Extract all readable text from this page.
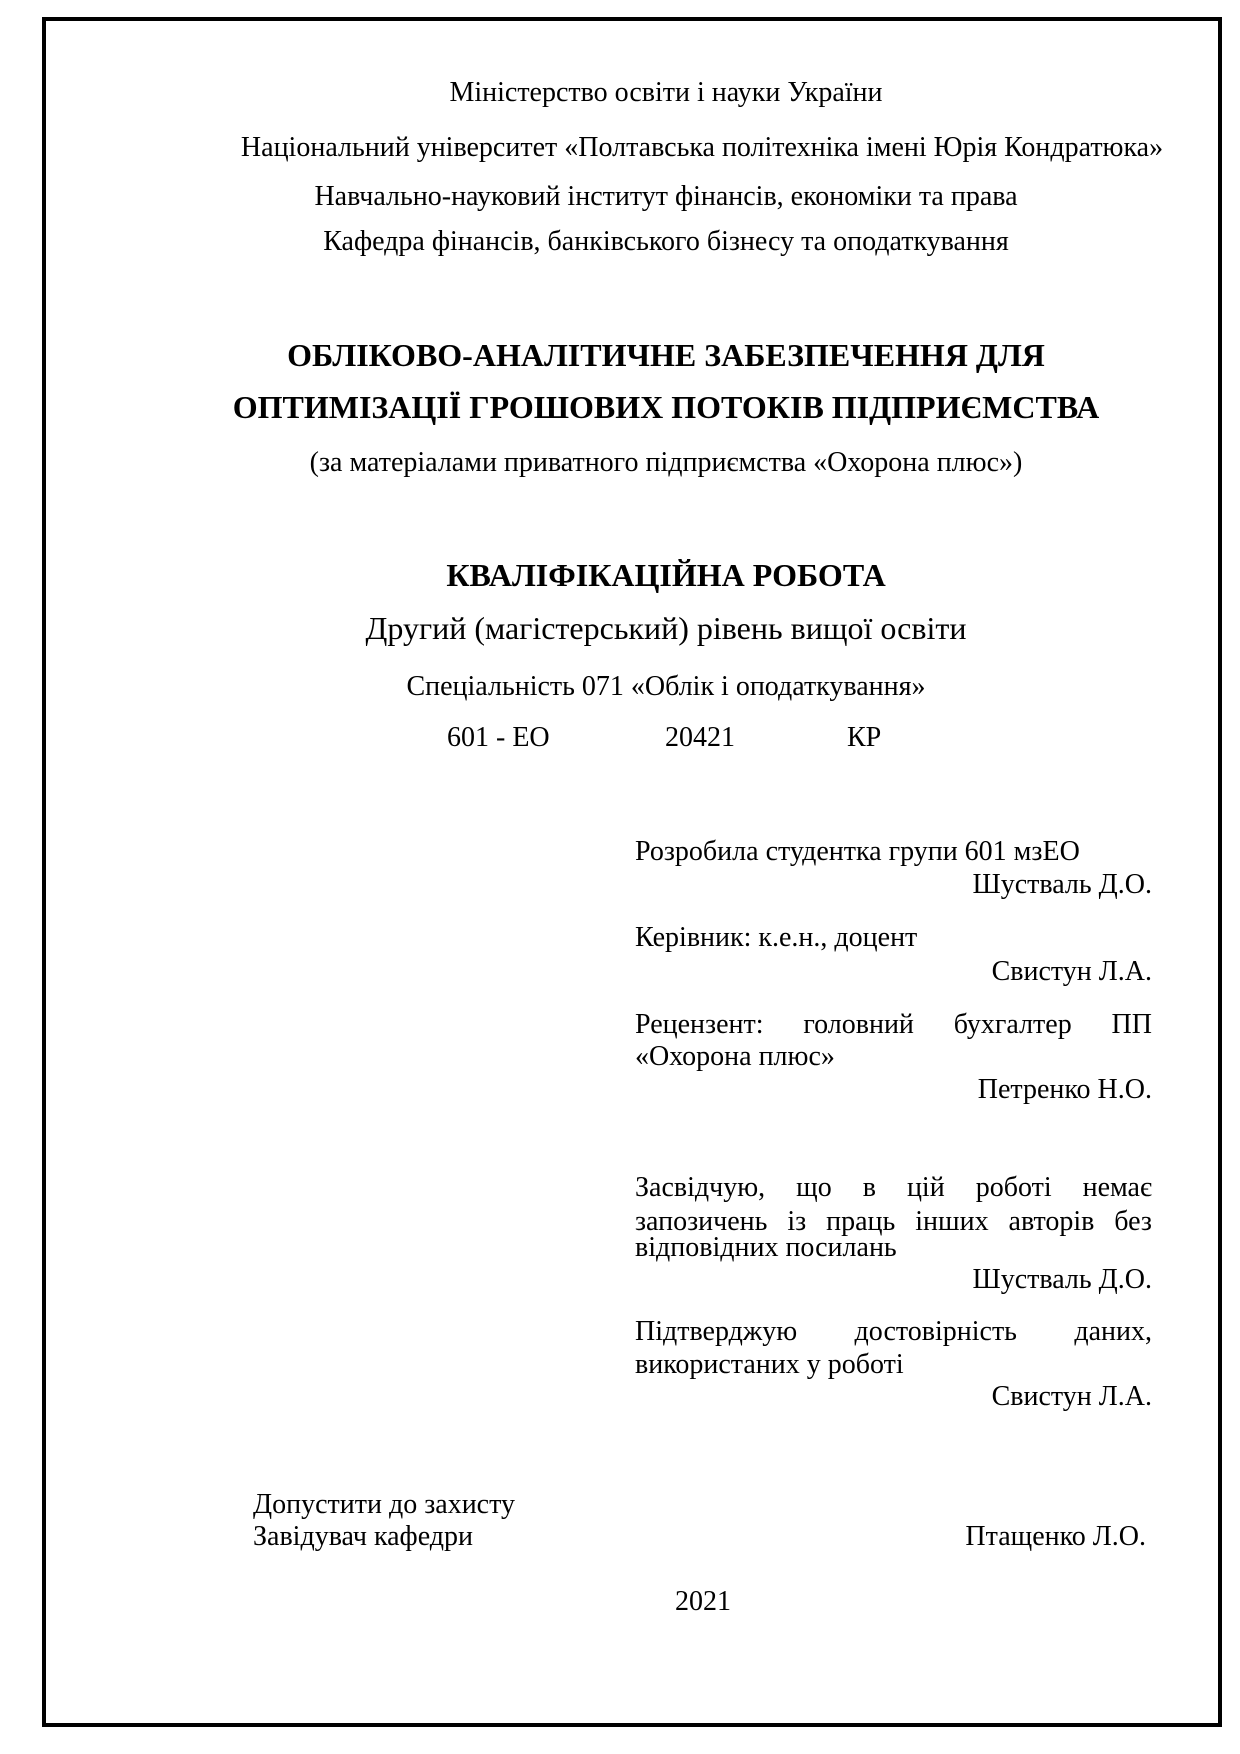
Міністерство освіти і науки України
Національний університет «Полтавська політехніка імені Юрія Кондратюка»
Навчально-науковий інститут фінансів, економіки та права
Кафедра фінансів, банківського бізнесу та оподаткування
ОБЛІКОВО-АНАЛІТИЧНЕ ЗАБЕЗПЕЧЕННЯ ДЛЯ
ОПТИМІЗАЦІЇ ГРОШОВИХ ПОТОКІВ ПІДПРИЄМСТВА
(за матеріалами приватного підприємства «Охорона плюс»)
КВАЛІФІКАЦІЙНА РОБОТА
Другий (магістерський) рівень вищої освіти
Спеціальність 071 «Облік і оподаткування»
601 - ЕО	20421	КР
Розробила студентка групи 601 мзЕО
Шустваль Д.О.
Керівник: к.е.н., доцент
Свистун Л.А.
Рецензент: головний бухгалтер ПП
«Охорона плюс»
Петренко Н.О.
Засвідчую, що в цій роботі немає
запозичень із праць інших авторів без
відповідних посилань
Шустваль Д.О.
Підтверджую достовірність даних,
використаних у роботі
Свистун Л.А.
Допустити до захисту
Завідувач кафедри	Птащенко Л.О.
2021
